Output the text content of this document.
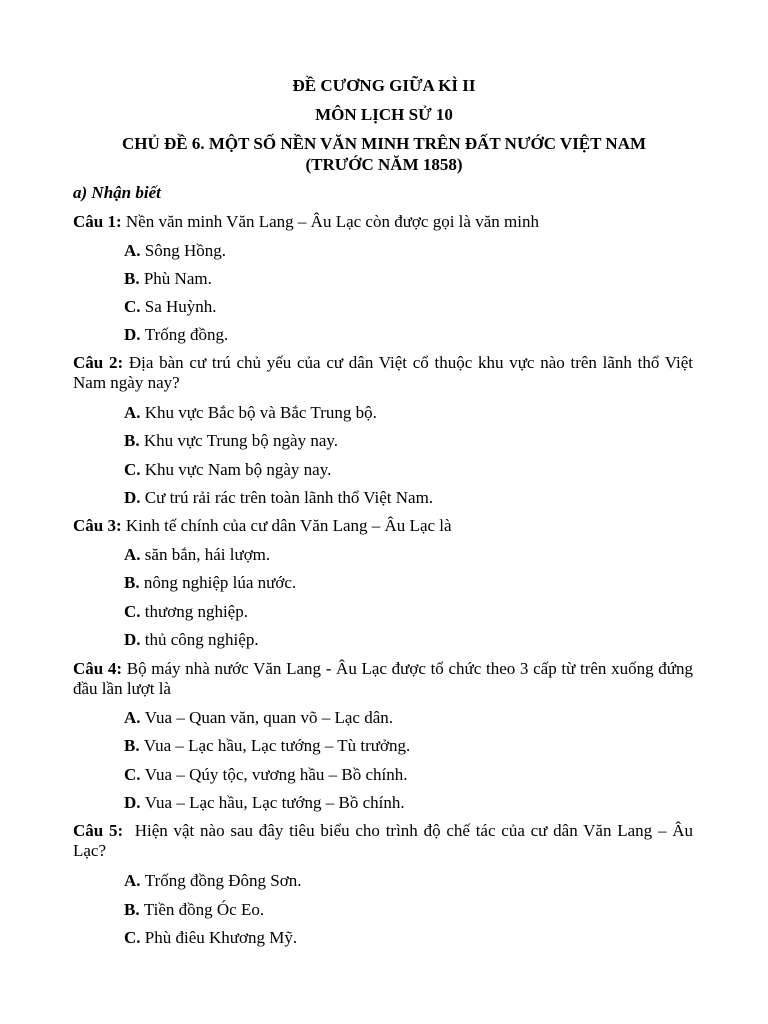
ĐỀ CƯƠNG GIỮA KÌ II
MÔN LỊCH SỬ 10
CHỦ ĐỀ 6. MỘT SỐ NỀN VĂN MINH TRÊN ĐẤT NƯỚC VIỆT NAM
(TRƯỚC NĂM 1858)
a) Nhận biết
Câu 1: Nền văn minh Văn Lang – Âu Lạc còn được gọi là văn minh
A. Sông Hồng.
B. Phù Nam.
C. Sa Huỳnh.
D. Trống đồng.
Câu 2: Địa bàn cư trú chủ yếu của cư dân Việt cổ thuộc khu vực nào trên lãnh thổ Việt Nam ngày nay?
A. Khu vực Bắc bộ và Bắc Trung bộ.
B. Khu vực Trung bộ ngày nay.
C. Khu vực Nam bộ ngày nay.
D. Cư trú rải rác trên toàn lãnh thổ Việt Nam.
Câu 3: Kinh tế chính của cư dân Văn Lang – Âu Lạc là
A. săn bắn, hái lượm.
B. nông nghiệp lúa nước.
C. thương nghiệp.
D. thủ công nghiệp.
Câu 4: Bộ máy nhà nước Văn Lang - Âu Lạc được tổ chức theo 3 cấp từ trên xuống đứng đầu lần lượt là
A. Vua – Quan văn, quan võ – Lạc dân.
B. Vua – Lạc hầu, Lạc tướng – Tù trưởng.
C. Vua – Qúy tộc, vương hầu – Bồ chính.
D. Vua – Lạc hầu, Lạc tướng – Bồ chính.
Câu 5: Hiện vật nào sau đây tiêu biểu cho trình độ chế tác của cư dân Văn Lang – Âu Lạc?
A. Trống đồng Đông Sơn.
B. Tiền đồng Óc Eo.
C. Phù điêu Khương Mỹ.
